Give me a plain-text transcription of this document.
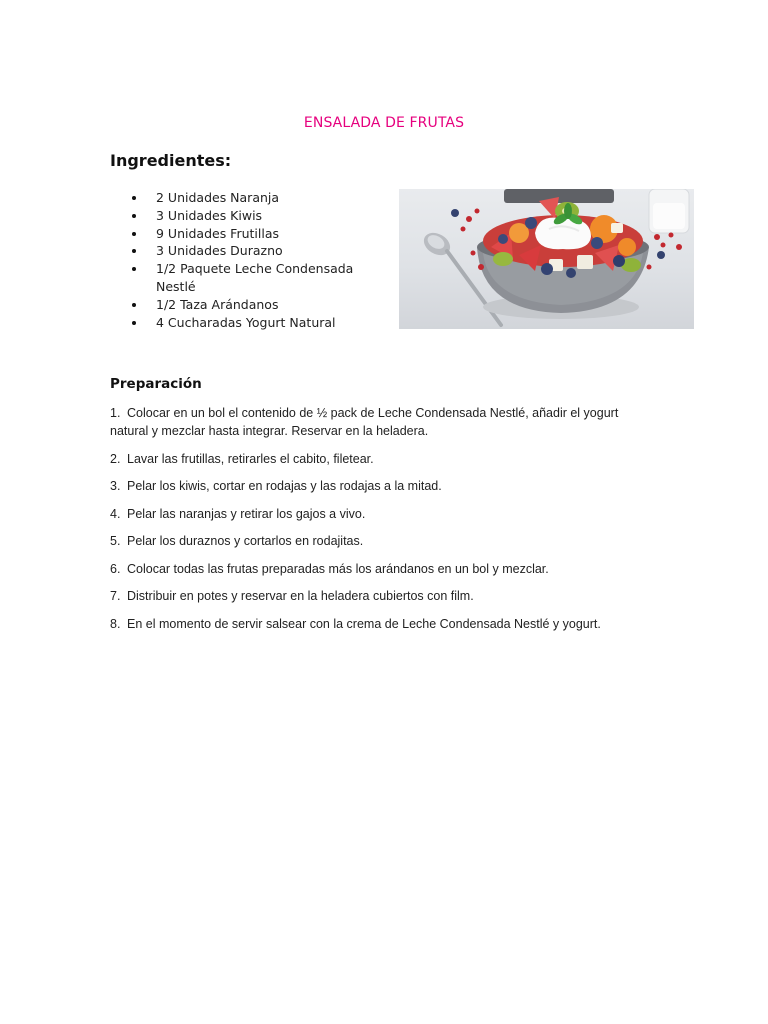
ENSALADA DE FRUTAS
Ingredientes:
2 Unidades Naranja
3 Unidades Kiwis
9 Unidades Frutillas
3 Unidades Durazno
1/2 Paquete Leche Condensada Nestlé
1/2 Taza Arándanos
4 Cucharadas Yogurt Natural
Preparación
1. Colocar en un bol el contenido de ½ pack de Leche Condensada Nestlé, añadir el yogurt natural y mezclar hasta integrar. Reservar en la heladera.
2. Lavar las frutillas, retirarles el cabito, filetear.
3. Pelar los kiwis, cortar en rodajas y las rodajas a la mitad.
4. Pelar las naranjas y retirar los gajos a vivo.
5. Pelar los duraznos y cortarlos en rodajitas.
6. Colocar todas las frutas preparadas más los arándanos en un bol y mezclar.
7. Distribuir en potes y reservar en la heladera cubiertos con film.
8. En el momento de servir salsear con la crema de Leche Condensada Nestlé y yogurt.
